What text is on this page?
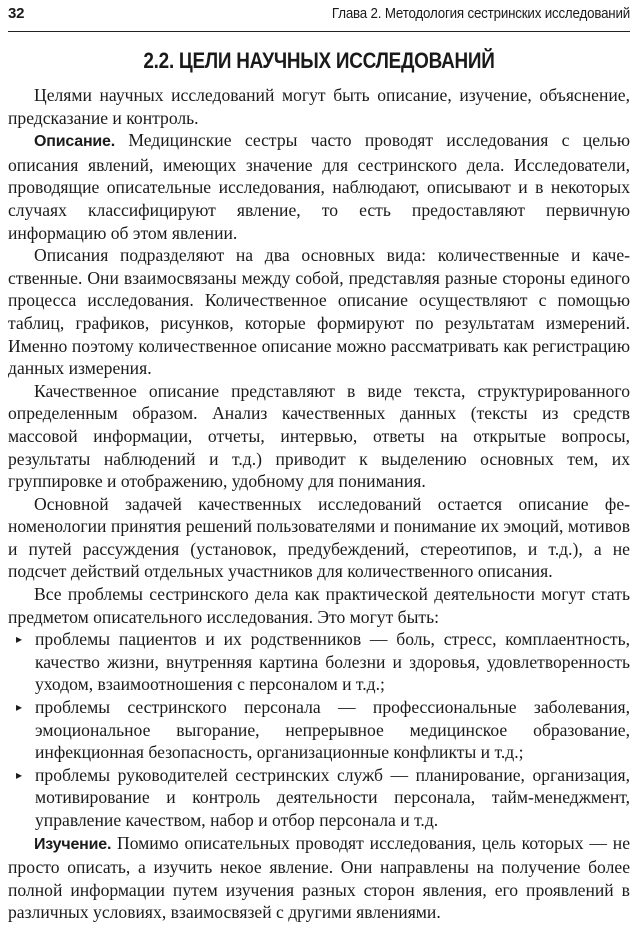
32	Глава 2. Методология сестринских исследований
2.2. ЦЕЛИ НАУЧНЫХ ИССЛЕДОВАНИЙ

Целями научных исследований могут быть описание, изучение, объяснение, предсказание и контроль.

Описание. Медицинские сестры часто проводят исследования с целью описания явлений, имеющих значение для сестринского дела. Исследователи, проводящие описательные исследования, наблюдают, описывают и в некоторых случаях классифицируют явление, то есть предоставляют первичную информацию об этом явлении.

Описания подразделяют на два основных вида: количественные и качественные. Они взаимосвязаны между собой, представляя разные стороны единого процесса исследования. Количественное описание осуществляют с помощью таблиц, графиков, рисунков, которые формируют по результатам измерений. Именно поэтому количественное описание можно рассматривать как регистрацию данных измерения.

Качественное описание представляют в виде текста, структурированного определенным образом. Анализ качественных данных (тексты из средств массовой информации, отчеты, интервью, ответы на открытые вопросы, результаты наблюдений и т.д.) приводит к выделению основных тем, их группировке и отображению, удобному для понимания.

Основной задачей качественных исследований остается описание феноменологии принятия решений пользователями и понимание их эмоций, мотивов и путей рассуждения (установок, предубеждений, стереотипов, и т.д.), а не подсчет действий отдельных участников для количественного описания.

Все проблемы сестринского дела как практической деятельности могут стать предметом описательного исследования. Это могут быть:

▸ проблемы пациентов и их родственников — боль, стресс, комплаентность, качество жизни, внутренняя картина болезни и здоровья, удовлетворенность уходом, взаимоотношения с персоналом и т.д.;
▸ проблемы сестринского персонала — профессиональные заболевания, эмоциональное выгорание, непрерывное медицинское образование, инфекционная безопасность, организационные конфликты и т.д.;
▸ проблемы руководителей сестринских служб — планирование, организация, мотивирование и контроль деятельности персонала, тайм-менеджмент, управление качеством, набор и отбор персонала и т.д.

Изучение. Помимо описательных проводят исследования, цель которых — не просто описать, а изучить некое явление. Они направлены на получение более полной информации путем изучения разных сторон явления, его проявлений в различных условиях, взаимосвязей с другими явлениями.
